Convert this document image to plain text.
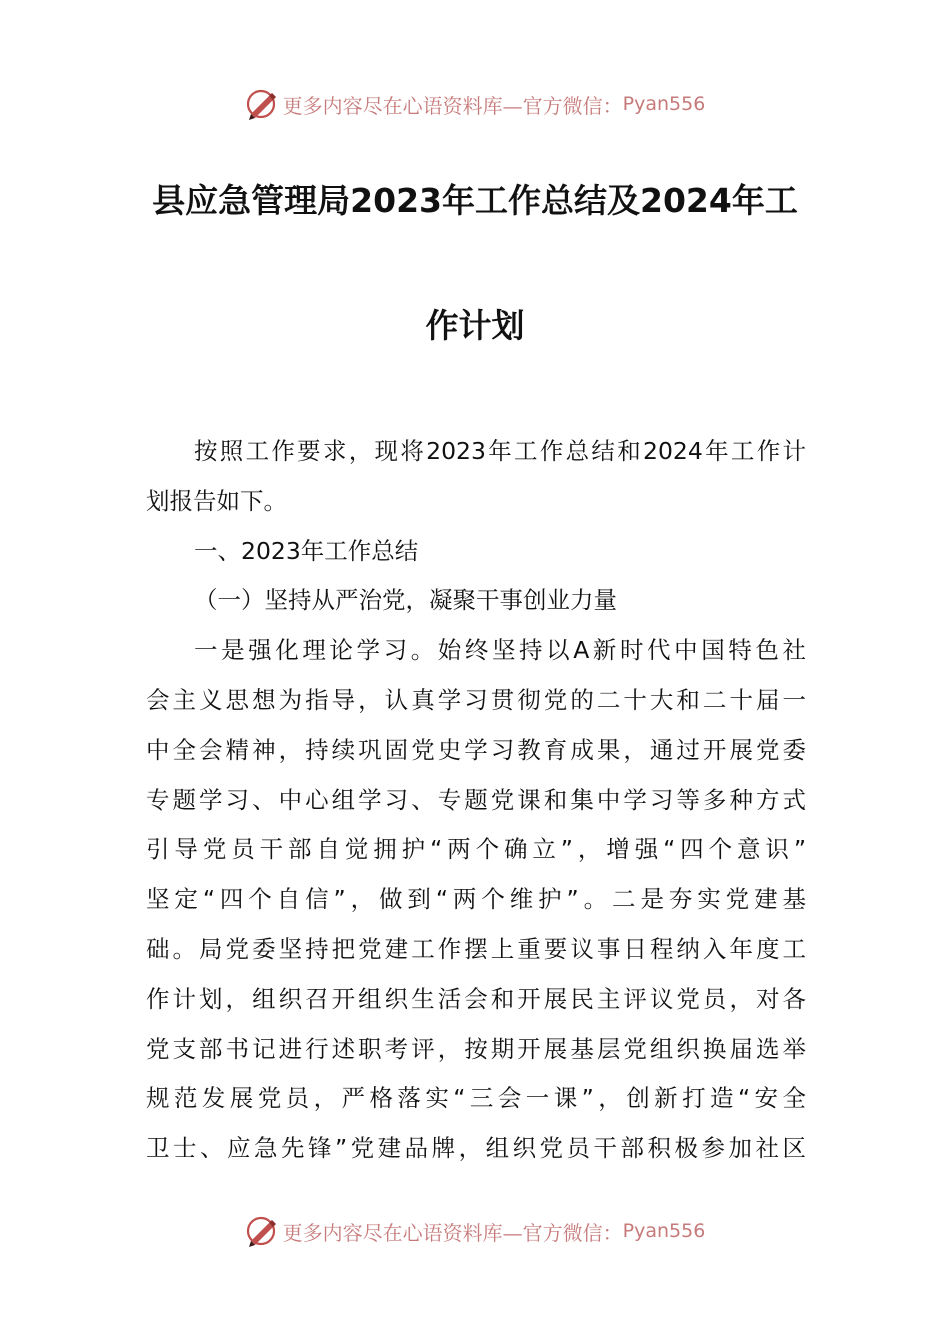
更多内容尽在心语资料库—官方微信： Pyan556
县应急管理局2023年工作总结及2024年工
作计划
按照工作要求，现将2023年工作总结和2024年工作计
划报告如下。
一、2023年工作总结
（一）坚持从严治党，凝聚干事创业力量
一是强化理论学习。始终坚持以A新时代中国特色社
会主义思想为指导，认真学习贯彻党的二十大和二十届一
中全会精神，持续巩固党史学习教育成果，通过开展党委
专题学习、中心组学习、专题党课和集中学习等多种方式
引导党员干部自觉拥护“两个确立”，增强“四个意识”
坚定“四个自信”，做到“两个维护”。二是夯实党建基
础。局党委坚持把党建工作摆上重要议事日程纳入年度工
作计划，组织召开组织生活会和开展民主评议党员，对各
党支部书记进行述职考评，按期开展基层党组织换届选举
规范发展党员，严格落实“三会一课”，创新打造“安全
卫士、应急先锋”党建品牌，组织党员干部积极参加社区
更多内容尽在心语资料库—官方微信： Pyan556
